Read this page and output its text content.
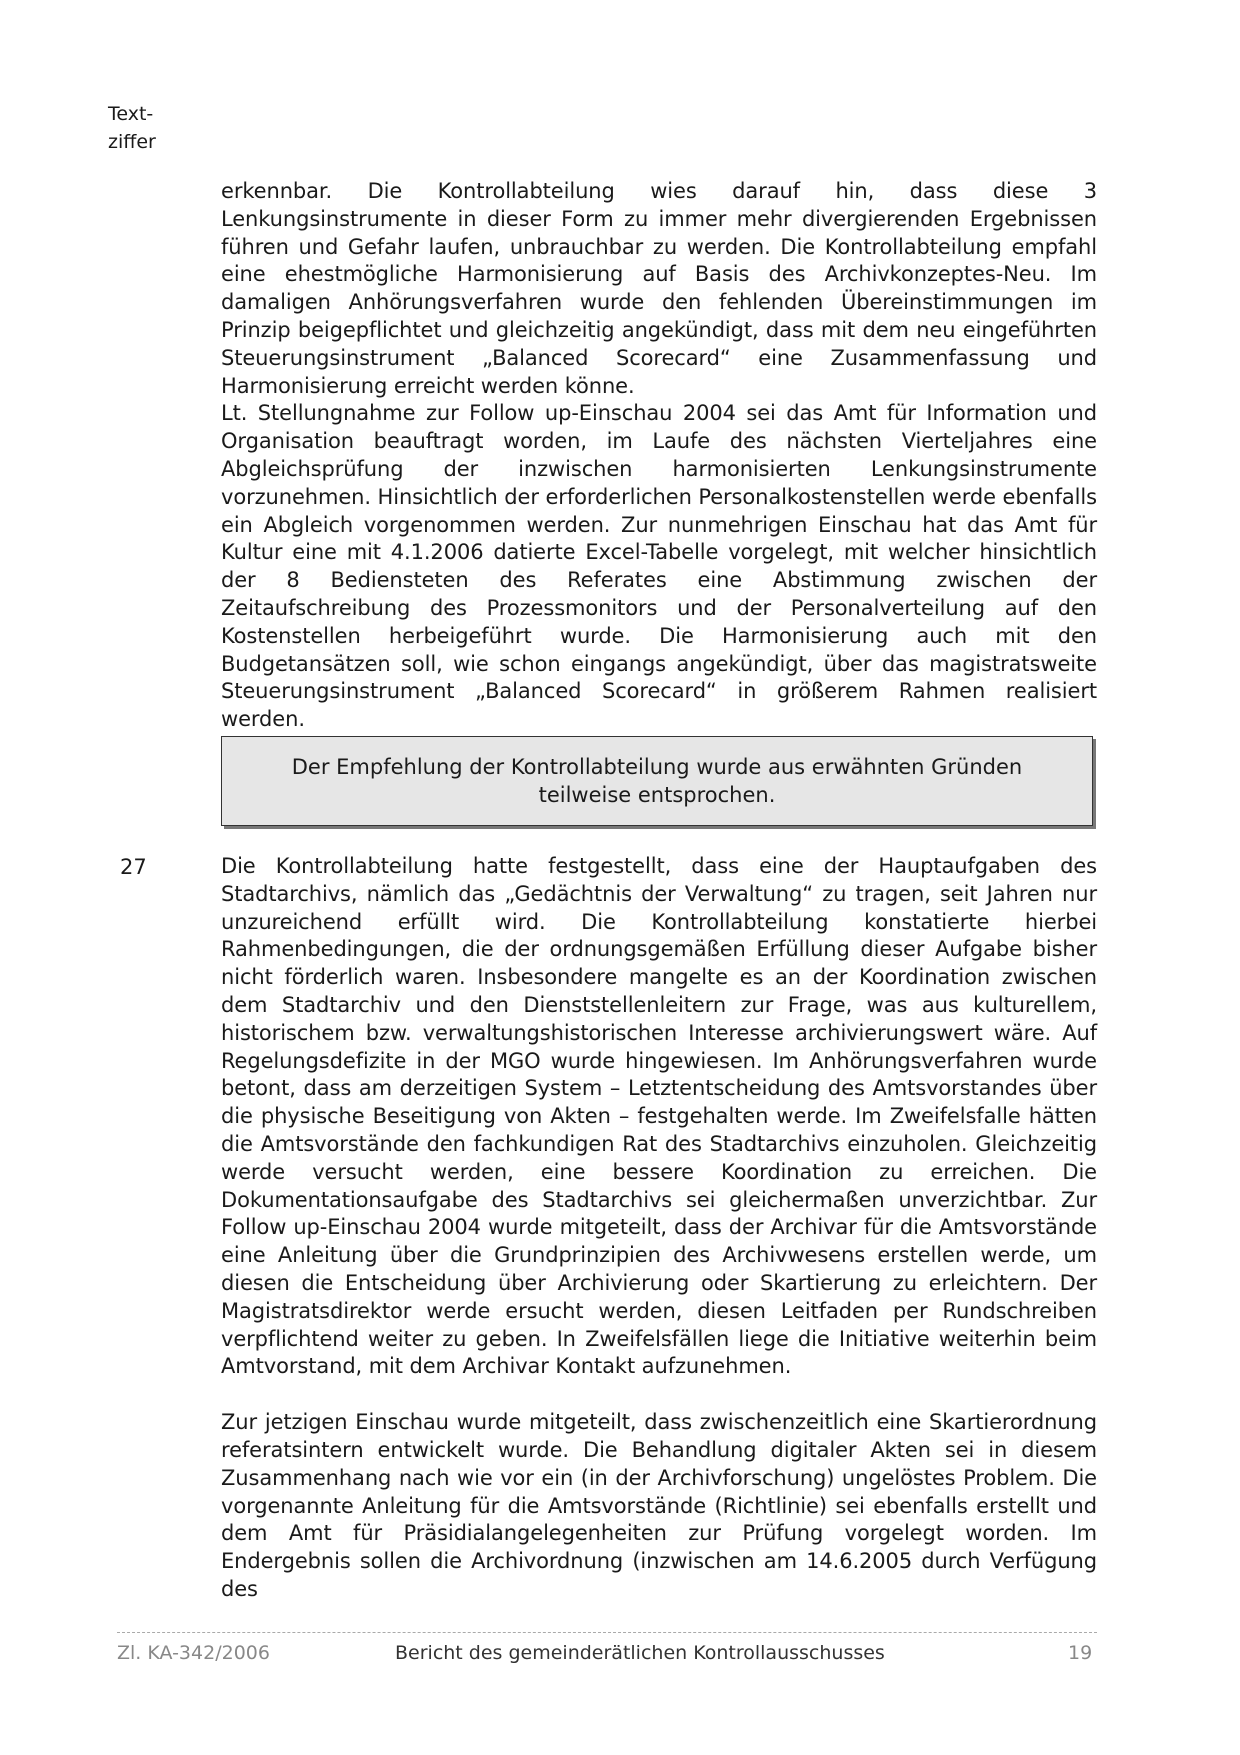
Text-
ziffer

erkennbar. Die Kontrollabteilung wies darauf hin, dass diese 3 Lenkungsinstrumente in dieser Form zu immer mehr divergierenden Ergebnissen führen und Gefahr laufen, unbrauchbar zu werden. Die Kontrollabteilung empfahl eine ehestmögliche Harmonisierung auf Basis des Archivkonzeptes-Neu. Im damaligen Anhörungsverfahren wurde den fehlenden Übereinstimmungen im Prinzip beigepflichtet und gleichzeitig angekündigt, dass mit dem neu eingeführten Steuerungsinstrument „Balanced Scorecard“ eine Zusammenfassung und Harmonisierung erreicht werden könne.

Lt. Stellungnahme zur Follow up-Einschau 2004 sei das Amt für Information und Organisation beauftragt worden, im Laufe des nächsten Vierteljahres eine Abgleichsprüfung der inzwischen harmonisierten Lenkungsinstrumente vorzunehmen. Hinsichtlich der erforderlichen Personalkostenstellen werde ebenfalls ein Abgleich vorgenommen werden. Zur nunmehrigen Einschau hat das Amt für Kultur eine mit 4.1.2006 datierte Excel-Tabelle vorgelegt, mit welcher hinsichtlich der 8 Bediensteten des Referates eine Abstimmung zwischen der Zeitaufschreibung des Prozessmonitors und der Personalverteilung auf den Kostenstellen herbeigeführt wurde. Die Harmonisierung auch mit den Budgetansätzen soll, wie schon eingangs angekündigt, über das magistratsweite Steuerungsinstrument „Balanced Scorecard“ in größerem Rahmen realisiert werden.

Der Empfehlung der Kontrollabteilung wurde aus erwähnten Gründen
teilweise entsprochen.
27	Die Kontrollabteilung hatte festgestellt, dass eine der Hauptaufgaben des Stadtarchivs, nämlich das „Gedächtnis der Verwaltung“ zu tragen, seit Jahren nur unzureichend erfüllt wird. Die Kontrollabteilung konstatierte hierbei Rahmenbedingungen, die der ordnungsgemäßen Erfüllung dieser Aufgabe bisher nicht förderlich waren. Insbesondere mangelte es an der Koordination zwischen dem Stadtarchiv und den Dienststellenleitern zur Frage, was aus kulturellem, historischem bzw. verwaltungshistorischen Interesse archivierungswert wäre. Auf Regelungsdefizite in der MGO wurde hingewiesen. Im Anhörungsverfahren wurde betont, dass am derzeitigen System – Letztentscheidung des Amtsvorstandes über die physische Beseitigung von Akten – festgehalten werde. Im Zweifelsfalle hätten die Amtsvorstände den fachkundigen Rat des Stadtarchivs einzuholen. Gleichzeitig werde versucht werden, eine bessere Koordination zu erreichen. Die Dokumentationsaufgabe des Stadtarchivs sei gleichermaßen unverzichtbar. Zur Follow up-Einschau 2004 wurde mitgeteilt, dass der Archivar für die Amtsvorstände eine Anleitung über die Grundprinzipien des Archivwesens erstellen werde, um diesen die Entscheidung über Archivierung oder Skartierung zu erleichtern. Der Magistratsdirektor werde ersucht werden, diesen Leitfaden per Rundschreiben verpflichtend weiter zu geben. In Zweifelsfällen liege die Initiative weiterhin beim Amtvorstand, mit dem Archivar Kontakt aufzunehmen.

Zur jetzigen Einschau wurde mitgeteilt, dass zwischenzeitlich eine Skartierordnung referatsintern entwickelt wurde. Die Behandlung digitaler Akten sei in diesem Zusammenhang nach wie vor ein (in der Archivforschung) ungelöstes Problem. Die vorgenannte Anleitung für die Amtsvorstände (Richtlinie) sei ebenfalls erstellt und dem Amt für Präsidialangelegenheiten zur Prüfung vorgelegt worden. Im Endergebnis sollen die Archivordnung (inzwischen am 14.6.2005 durch Verfügung des

Zl. KA-342/2006	Bericht des gemeinderätlichen Kontrollausschusses	19
